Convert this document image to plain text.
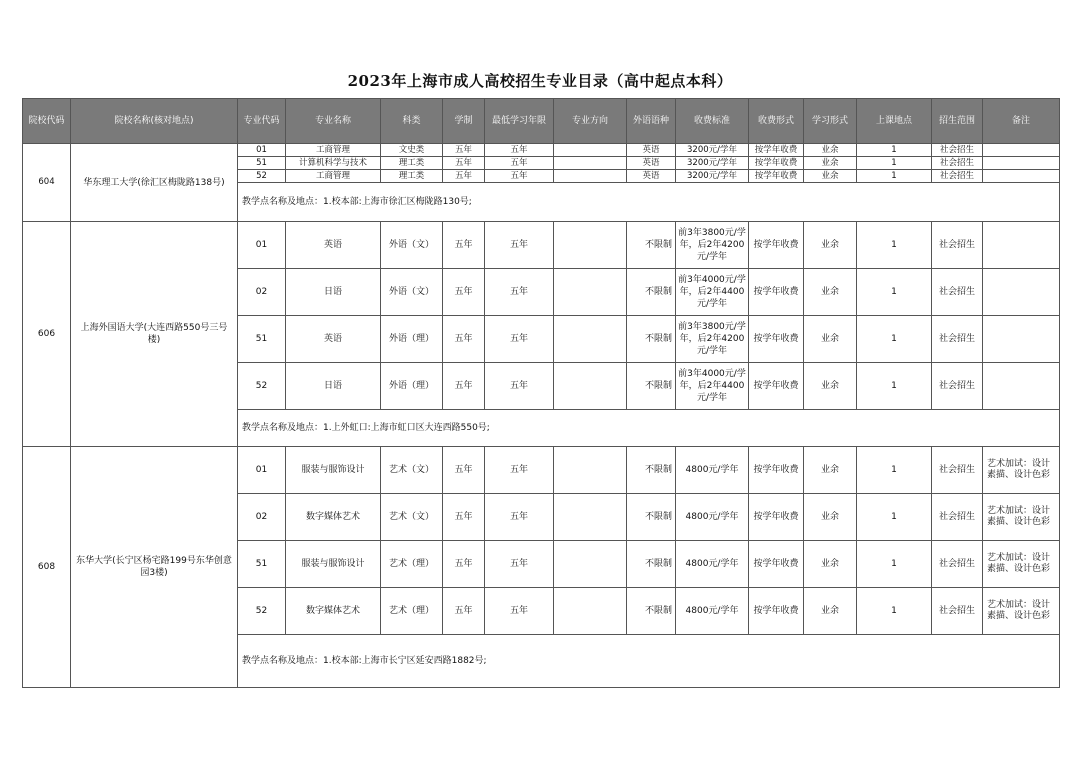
2023年上海市成人高校招生专业目录（高中起点本科）
院校代码	院校名称(核对地点)	专业代码	专业名称	科类	学制	最低学习年限	专业方向	外语语种	收费标准	收费形式	学习形式	上课地点	招生范围	备注
604	华东理工大学(徐汇区梅陇路138号)	01	工商管理	文史类	五年	五年		英语	3200元/学年	按学年收费	业余	1	社会招生	
		51	计算机科学与技术	理工类	五年	五年		英语	3200元/学年	按学年收费	业余	1	社会招生	
		52	工商管理	理工类	五年	五年		英语	3200元/学年	按学年收费	业余	1	社会招生	
		教学点名称及地点：1.校本部:上海市徐汇区梅陇路130号;												
606	上海外国语大学(大连西路550号三号楼)	01	英语	外语（文）	五年	五年		不限制	前3年3800元/学年，后2年4200元/学年	按学年收费	业余	1	社会招生	
		02	日语	外语（文）	五年	五年		不限制	前3年4000元/学年，后2年4400元/学年	按学年收费	业余	1	社会招生	
		51	英语	外语（理）	五年	五年		不限制	前3年3800元/学年，后2年4200元/学年	按学年收费	业余	1	社会招生	
		52	日语	外语（理）	五年	五年		不限制	前3年4000元/学年，后2年4400元/学年	按学年收费	业余	1	社会招生	
		教学点名称及地点：1.上外虹口:上海市虹口区大连西路550号;												
608	东华大学(长宁区杨宅路199号东华创意园3楼)	01	服装与服饰设计	艺术（文）	五年	五年		不限制	4800元/学年	按学年收费	业余	1	社会招生	艺术加试：设计素描、设计色彩
		02	数字媒体艺术	艺术（文）	五年	五年		不限制	4800元/学年	按学年收费	业余	1	社会招生	艺术加试：设计素描、设计色彩
		51	服装与服饰设计	艺术（理）	五年	五年		不限制	4800元/学年	按学年收费	业余	1	社会招生	艺术加试：设计素描、设计色彩
		52	数字媒体艺术	艺术（理）	五年	五年		不限制	4800元/学年	按学年收费	业余	1	社会招生	艺术加试：设计素描、设计色彩
		教学点名称及地点：1.校本部:上海市长宁区延安西路1882号;												
